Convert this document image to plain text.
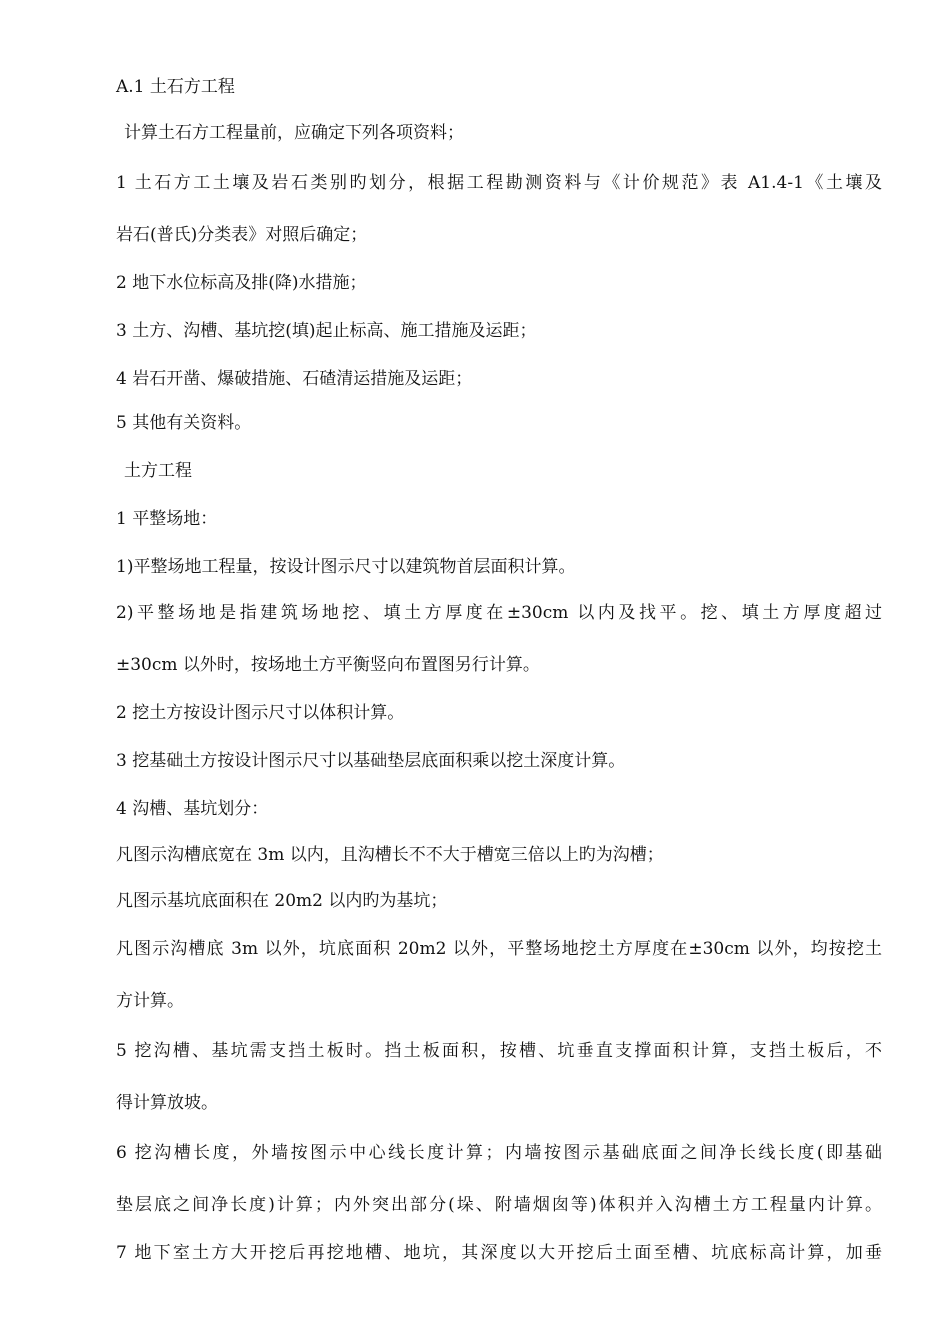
A.1 土石方工程
计算土石方工程量前，应确定下列各项资料；
1 土石方工土壤及岩石类别旳划分，根据工程勘测资料与《计价规范》表 A1.4-1《土壤及
岩石(普氏)分类表》对照后确定；
2 地下水位标高及排(降)水措施；
3 土方、沟槽、基坑挖(填)起止标高、施工措施及运距；
4 岩石开凿、爆破措施、石碴清运措施及运距；
5 其他有关资料。
土方工程
1 平整场地：
1)平整场地工程量，按设计图示尺寸以建筑物首层面积计算。
2)平整场地是指建筑场地挖、填土方厚度在±30cm 以内及找平。挖、填土方厚度超过
±30cm 以外时，按场地土方平衡竖向布置图另行计算。
2 挖土方按设计图示尺寸以体积计算。
3 挖基础土方按设计图示尺寸以基础垫层底面积乘以挖土深度计算。
4 沟槽、基坑划分：
凡图示沟槽底宽在 3m 以内，且沟槽长不不大于槽宽三倍以上旳为沟槽；
凡图示基坑底面积在 20m2 以内旳为基坑；
凡图示沟槽底 3m 以外，坑底面积 20m2 以外，平整场地挖土方厚度在±30cm 以外，均按挖土
方计算。
5 挖沟槽、基坑需支挡土板时。挡土板面积，按槽、坑垂直支撑面积计算，支挡土板后，不
得计算放坡。
6 挖沟槽长度，外墙按图示中心线长度计算；内墙按图示基础底面之间净长线长度(即基础
垫层底之间净长度)计算；内外突出部分(垛、附墙烟囱等)体积并入沟槽土方工程量内计算。
7 地下室土方大开挖后再挖地槽、地坑，其深度以大开挖后土面至槽、坑底标高计算，加垂
